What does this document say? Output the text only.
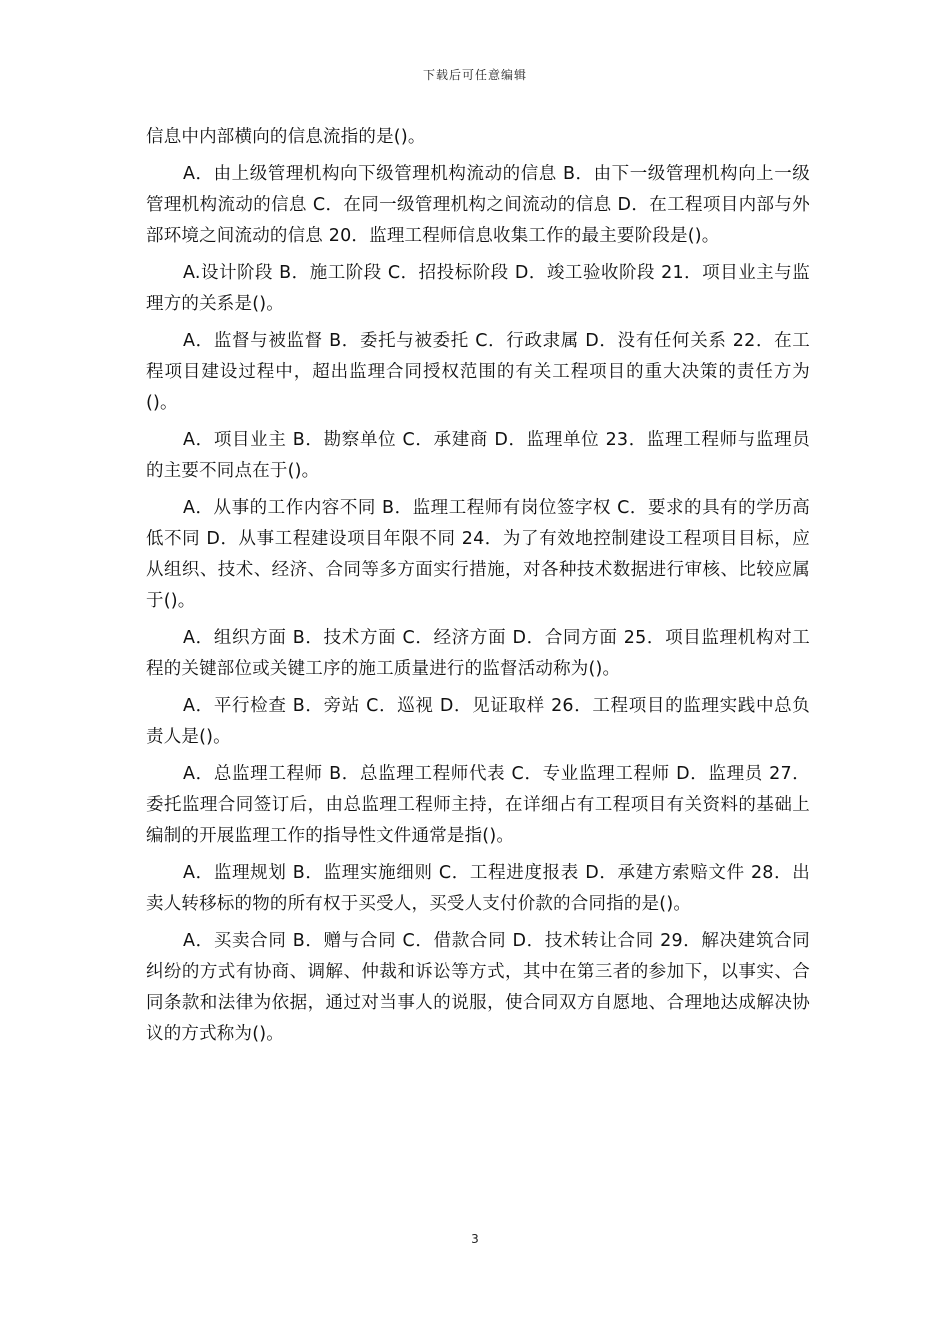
下载后可任意编辑

信息中内部横向的信息流指的是()。

A．由上级管理机构向下级管理机构流动的信息 B．由下一级管理机构向上一级管理机构流动的信息 C．在同一级管理机构之间流动的信息 D．在工程项目内部与外部环境之间流动的信息 20．监理工程师信息收集工作的最主要阶段是()。

A.设计阶段 B．施工阶段 C．招投标阶段 D．竣工验收阶段 21．项目业主与监理方的关系是()。

A．监督与被监督 B．委托与被委托 C．行政隶属 D．没有任何关系 22．在工程项目建设过程中，超出监理合同授权范围的有关工程项目的重大决策的责任方为()。

A．项目业主 B．勘察单位 C．承建商 D．监理单位 23．监理工程师与监理员的主要不同点在于()。

A．从事的工作内容不同 B．监理工程师有岗位签字权 C．要求的具有的学历高低不同 D．从事工程建设项目年限不同 24．为了有效地控制建设工程项目目标，应从组织、技术、经济、合同等多方面实行措施，对各种技术数据进行审核、比较应属于()。

A．组织方面 B．技术方面 C．经济方面 D．合同方面 25．项目监理机构对工程的关键部位或关键工序的施工质量进行的监督活动称为()。

A．平行检查 B．旁站 C．巡视 D．见证取样 26．工程项目的监理实践中总负责人是()。

A．总监理工程师 B．总监理工程师代表 C．专业监理工程师 D．监理员 27．委托监理合同签订后，由总监理工程师主持，在详细占有工程项目有关资料的基础上编制的开展监理工作的指导性文件通常是指()。

A．监理规划 B．监理实施细则 C．工程进度报表 D．承建方索赔文件 28．出卖人转移标的物的所有权于买受人，买受人支付价款的合同指的是()。

A．买卖合同 B．赠与合同 C．借款合同 D．技术转让合同 29．解决建筑合同纠纷的方式有协商、调解、仲裁和诉讼等方式，其中在第三者的参加下，以事实、合同条款和法律为依据，通过对当事人的说服，使合同双方自愿地、合理地达成解决协议的方式称为()。

3
